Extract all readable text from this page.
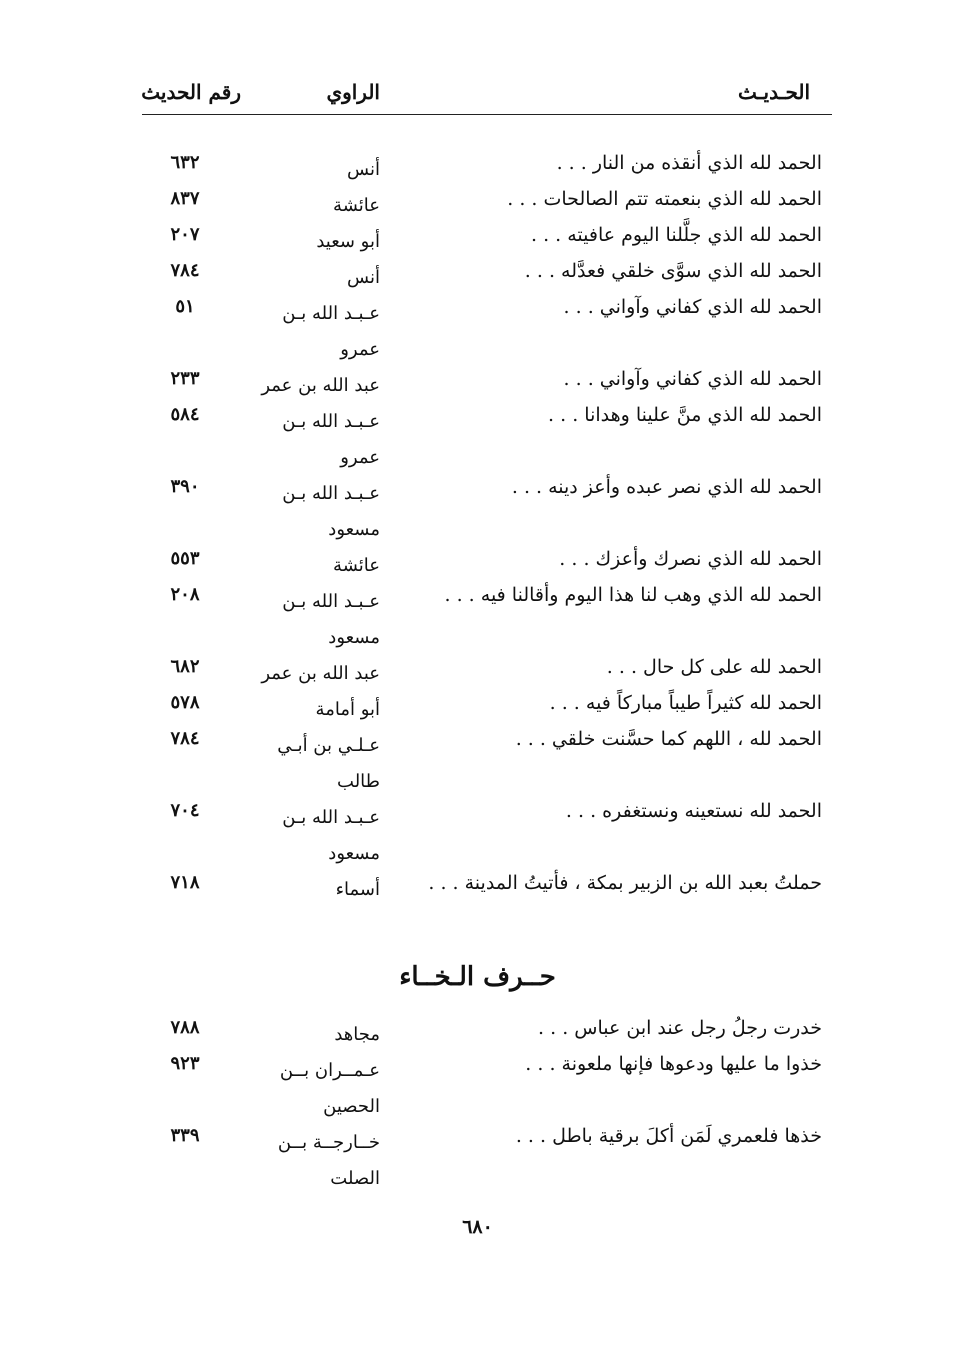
الحـديـث
الراوي
رقم الحديث
الحمد لله الذي أنقذه من النار . . .
أنس
٦٣٢
الحمد لله الذي بنعمته تتم الصالحات . . .
عائشة
٨٣٧
الحمد لله الذي جلَّلنا اليوم عافيته . . .
أبو سعيد
٢٠٧
الحمد لله الذي سوَّى خلقي فعدَّله . . .
أنس
٧٨٤
الحمد لله الذي كفاني وآواني . . .
عـبـد الله بـن
عمرو
٥١
الحمد لله الذي كفاني وآواني . . .
عبد الله بن عمر
٢٣٣
الحمد لله الذي منَّ علينا وهدانا . . .
عـبـد الله بـن
عمرو
٥٨٤
الحمد لله الذي نصر عبده وأعز دينه . . .
عـبـد الله بـن
مسعود
٣٩٠
الحمد لله الذي نصرك وأعزك . . .
عائشة
٥٥٣
الحمد لله الذي وهب لنا هذا اليوم وأقالنا فيه . . .
عـبـد الله بـن
مسعود
٢٠٨
الحمد لله على كل حال . . .
عبد الله بن عمر
٦٨٢
الحمد لله كثيراً طيباً مباركاً فيه . . .
أبو أمامة
٥٧٨
الحمد لله ، اللهم كما حسَّنت خلقي . . .
عـلـي بن أبـي
طالب
٧٨٤
الحمد لله نستعينه ونستغفره . . .
عـبـد الله بـن
مسعود
٧٠٤
حملتُ بعبد الله بن الزبير بمكة ، فأتيتُ المدينة . . .
أسماء
٧١٨
حــرف الـخــاء
خدرت رجلُ رجل عند ابن عباس . . .
مجاهد
٧٨٨
خذوا ما عليها ودعوها فإنها ملعونة . . .
عـمــران بــن
الحصين
٩٢٣
خذها فلعمري لَمَن أكلَ برقية باطل . . .
خــارجــة بــن
الصلت
٣٣٩
٦٨٠
